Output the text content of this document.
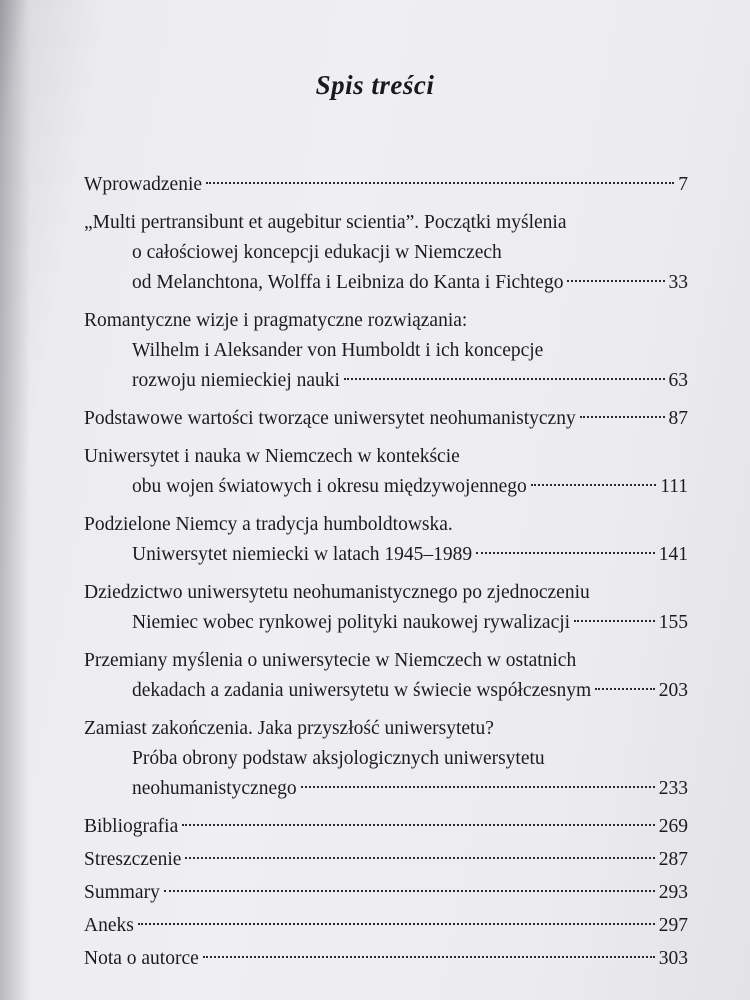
Spis treści
Wprowadzenie	7
„Multi pertransibunt et augebitur scientia”. Początki myślenia
o całościowej koncepcji edukacji w Niemczech
od Melanchtona, Wolffa i Leibniza do Kanta i Fichtego	33
Romantyczne wizje i pragmatyczne rozwiązania:
Wilhelm i Aleksander von Humboldt i ich koncepcje
rozwoju niemieckiej nauki	63
Podstawowe wartości tworzące uniwersytet neohumanistyczny	87
Uniwersytet i nauka w Niemczech w kontekście
obu wojen światowych i okresu międzywojennego	111
Podzielone Niemcy a tradycja humboldtowska.
Uniwersytet niemiecki w latach 1945–1989	141
Dziedzictwo uniwersytetu neohumanistycznego po zjednoczeniu
Niemiec wobec rynkowej polityki naukowej rywalizacji	155
Przemiany myślenia o uniwersytecie w Niemczech w ostatnich
dekadach a zadania uniwersytetu w świecie współczesnym	203
Zamiast zakończenia. Jaka przyszłość uniwersytetu?
Próba obrony podstaw aksjologicznych uniwersytetu
neohumanistycznego	233
Bibliografia	269
Streszczenie	287
Summary	293
Aneks	297
Nota o autorce	303
